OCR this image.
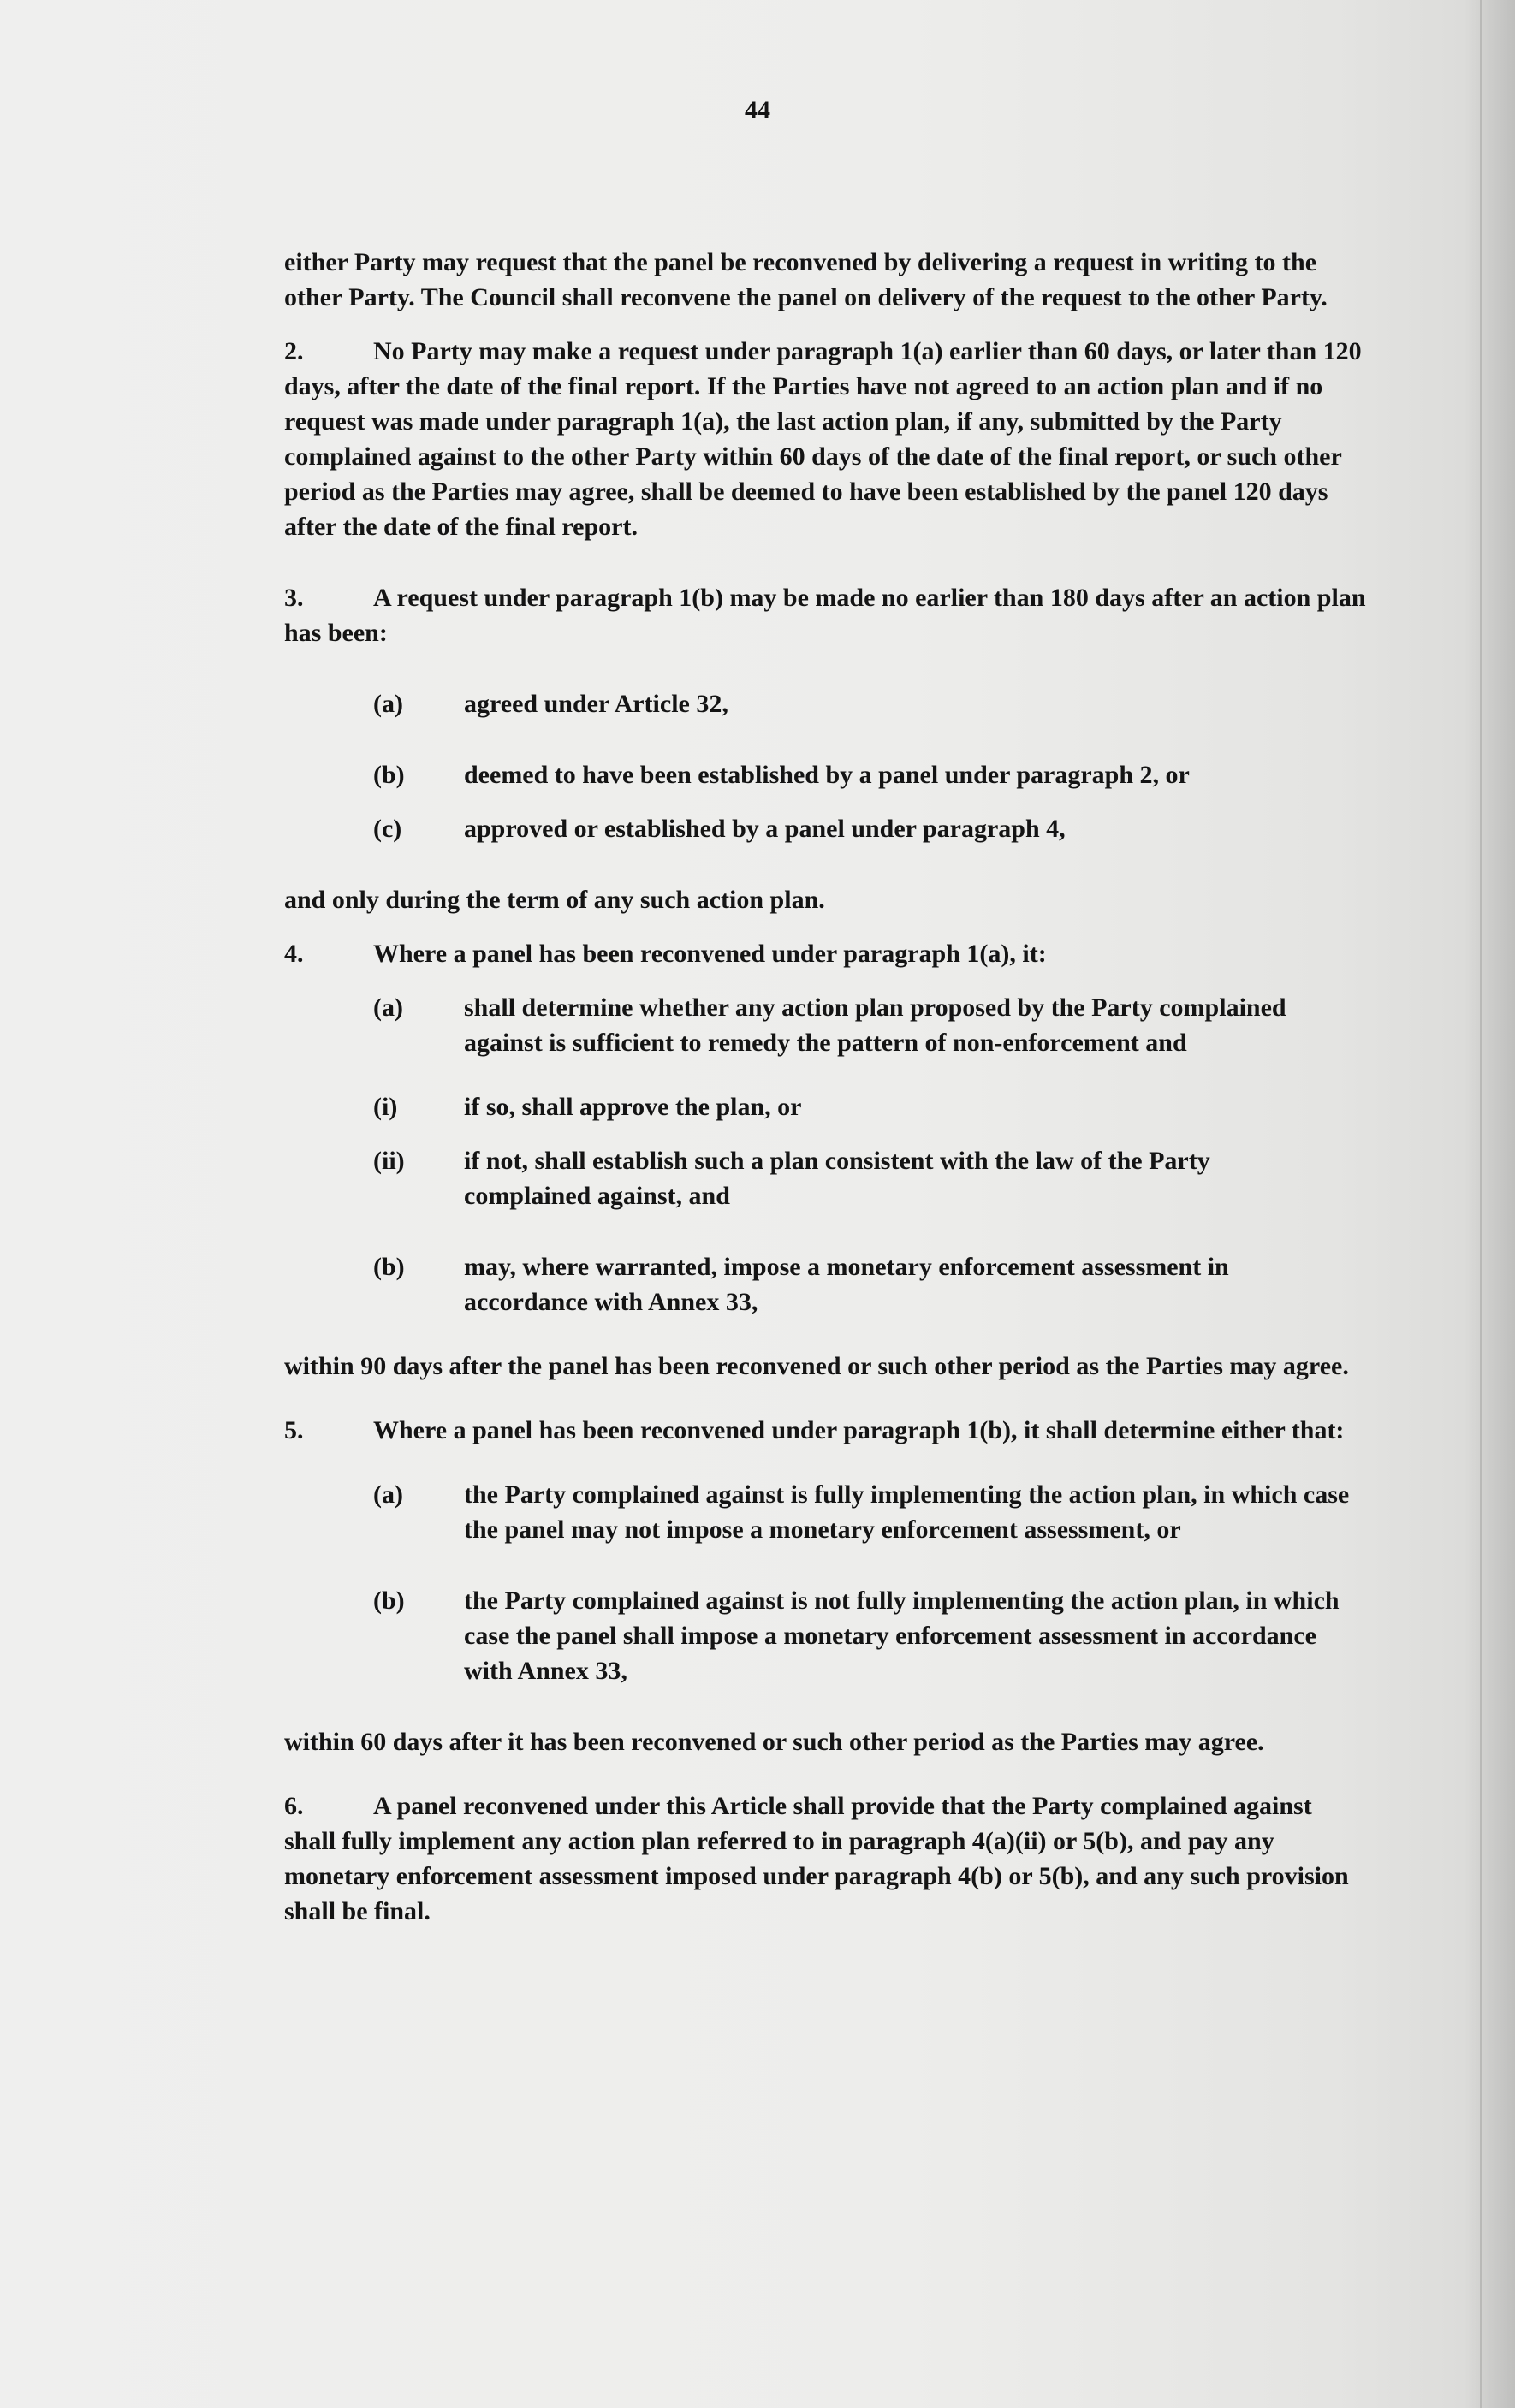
44

either Party may request that the panel be reconvened by delivering a request in writing to the other Party. The Council shall reconvene the panel on delivery of the request to the other Party.

2.	No Party may make a request under paragraph 1(a) earlier than 60 days, or later than 120 days, after the date of the final report. If the Parties have not agreed to an action plan and if no request was made under paragraph 1(a), the last action plan, if any, submitted by the Party complained against to the other Party within 60 days of the date of the final report, or such other period as the Parties may agree, shall be deemed to have been established by the panel 120 days after the date of the final report.

3.	A request under paragraph 1(b) may be made no earlier than 180 days after an action plan has been:

(a)	agreed under Article 32,
(b)	deemed to have been established by a panel under paragraph 2, or
(c)	approved or established by a panel under paragraph 4,

and only during the term of any such action plan.

4.	Where a panel has been reconvened under paragraph 1(a), it:

(a)	shall determine whether any action plan proposed by the Party complained against is sufficient to remedy the pattern of non-enforcement and
(i)	if so, shall approve the plan, or
(ii)	if not, shall establish such a plan consistent with the law of the Party complained against, and
(b)	may, where warranted, impose a monetary enforcement assessment in accordance with Annex 33,

within 90 days after the panel has been reconvened or such other period as the Parties may agree.

5.	Where a panel has been reconvened under paragraph 1(b), it shall determine either that:

(a)	the Party complained against is fully implementing the action plan, in which case the panel may not impose a monetary enforcement assessment, or
(b)	the Party complained against is not fully implementing the action plan, in which case the panel shall impose a monetary enforcement assessment in accordance with Annex 33,

within 60 days after it has been reconvened or such other period as the Parties may agree.

6.	A panel reconvened under this Article shall provide that the Party complained against shall fully implement any action plan referred to in paragraph 4(a)(ii) or 5(b), and pay any monetary enforcement assessment imposed under paragraph 4(b) or 5(b), and any such provision shall be final.
